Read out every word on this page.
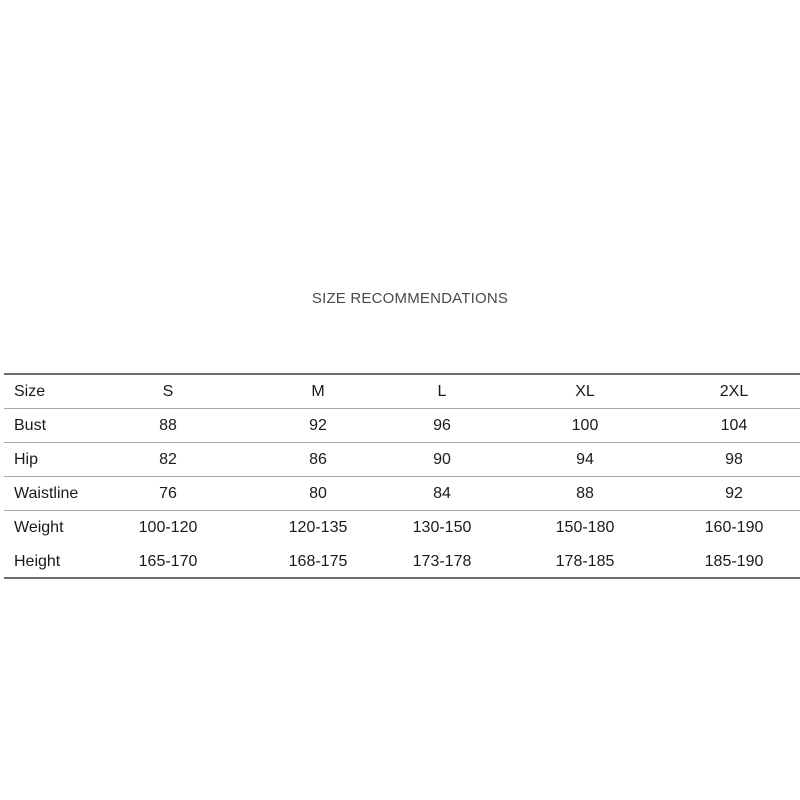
SIZE RECOMMENDATIONS
Size	S	M	L	XL	2XL
Bust	88	92	96	100	104
Hip	82	86	90	94	98
Waistline	76	80	84	88	92
Weight	100-120	120-135	130-150	150-180	160-190
Height	165-170	168-175	173-178	178-185	185-190
